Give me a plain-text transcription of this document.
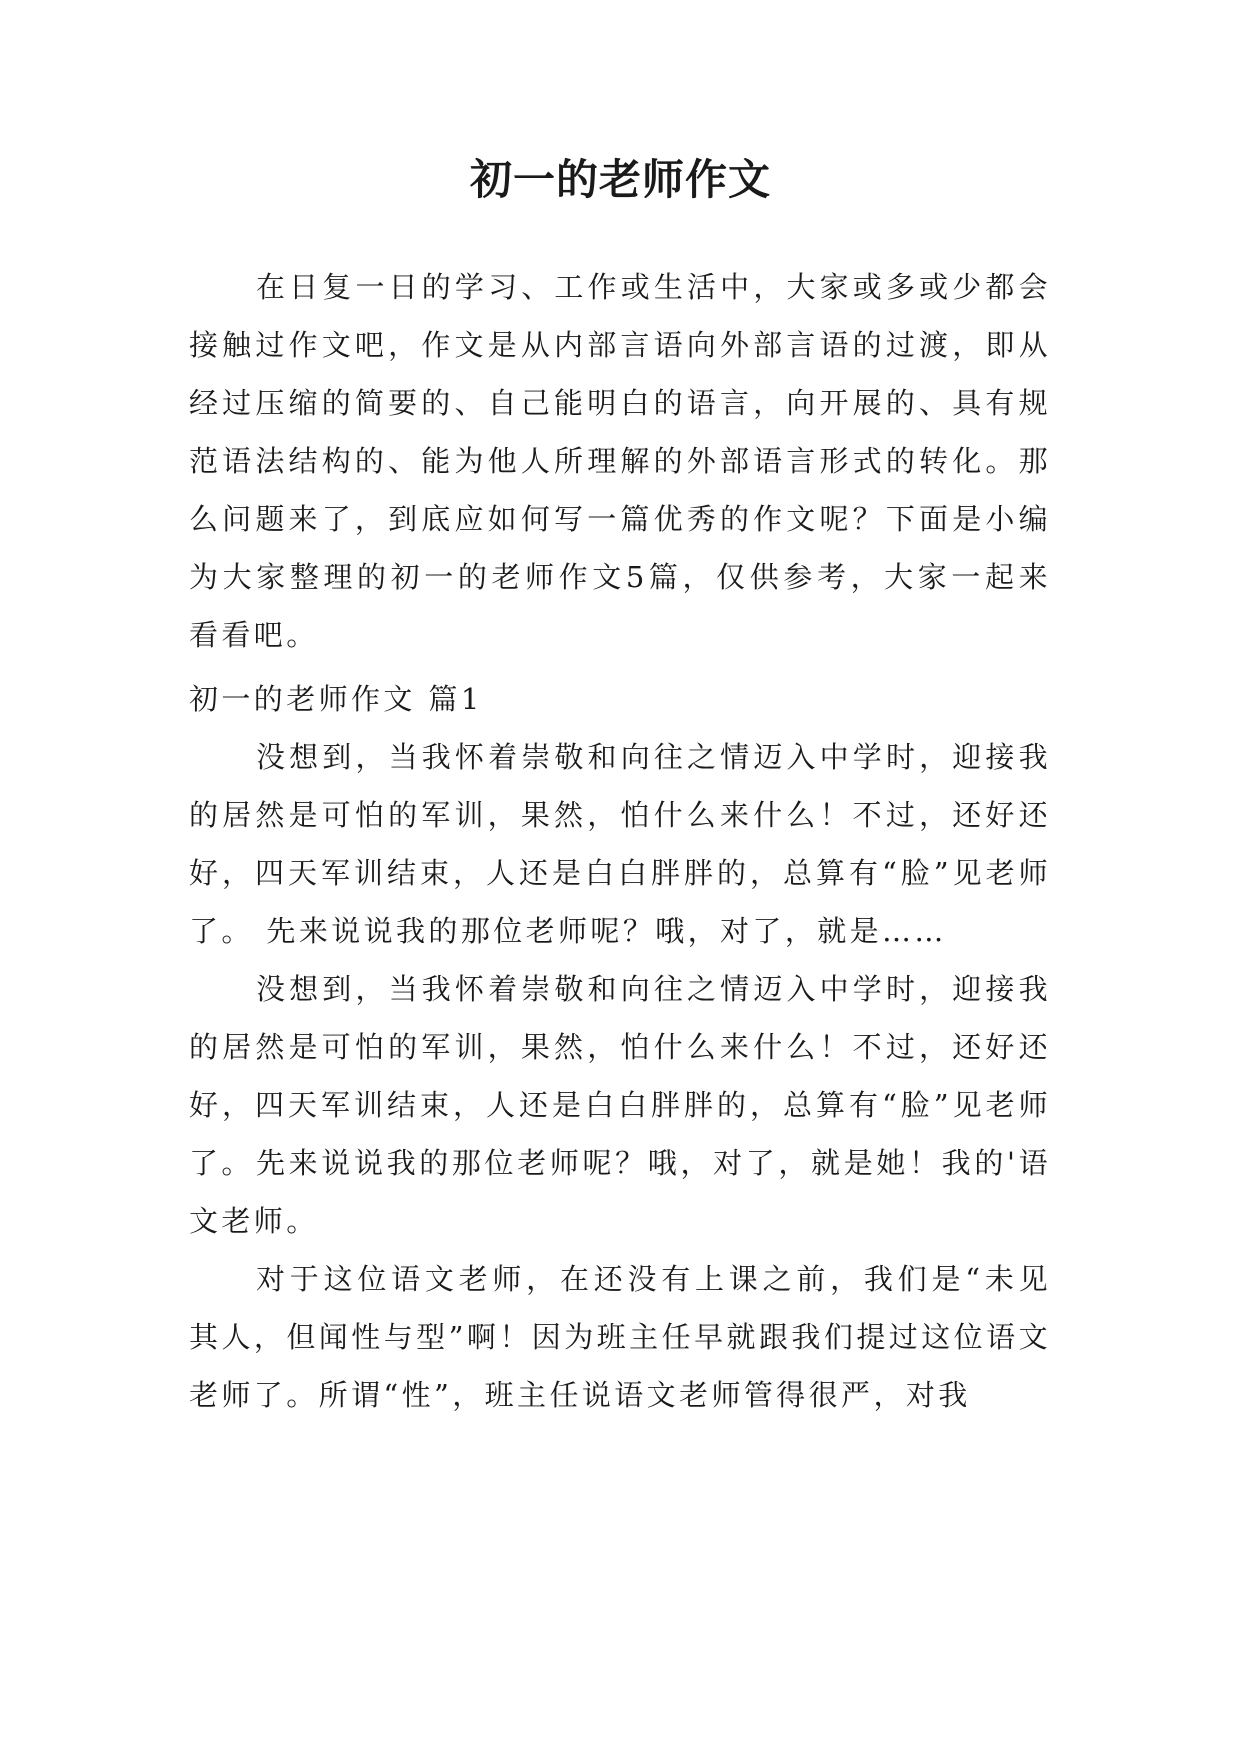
初一的老师作文

在日复一日的学习、工作或生活中，大家或多或少都会接触过作文吧，作文是从内部言语向外部言语的过渡，即从经过压缩的简要的、自己能明白的语言，向开展的、具有规范语法结构的、能为他人所理解的外部语言形式的转化。那么问题来了，到底应如何写一篇优秀的作文呢？下面是小编为大家整理的初一的老师作文5篇，仅供参考，大家一起来看看吧。

初一的老师作文 篇1

没想到，当我怀着崇敬和向往之情迈入中学时，迎接我的居然是可怕的军训，果然，怕什么来什么！不过，还好还好，四天军训结束，人还是白白胖胖的，总算有“脸”见老师了。 先来说说我的那位老师呢？哦，对了，就是……

没想到，当我怀着崇敬和向往之情迈入中学时，迎接我的居然是可怕的军训，果然，怕什么来什么！不过，还好还好，四天军训结束，人还是白白胖胖的，总算有“脸”见老师了。 先来说说我的那位老师呢？哦，对了，就是她！我的'语文老师。

对于这位语文老师，在还没有上课之前，我们是“未见其人，但闻性与型”啊！因为班主任早就跟我们提过这位语文老师了。所谓“性”，班主任说语文老师管得很严，对我
